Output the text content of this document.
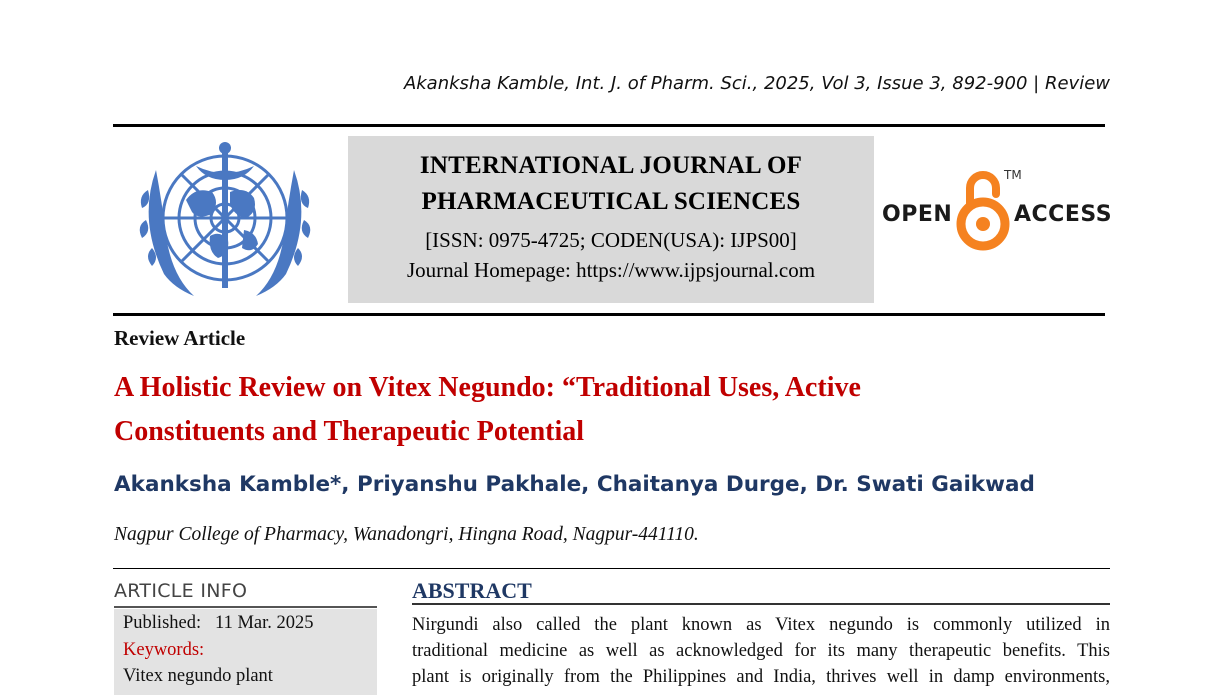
Akanksha Kamble, Int. J. of Pharm. Sci., 2025, Vol 3, Issue 3, 892-900 | Review
INTERNATIONAL JOURNAL OF
PHARMACEUTICAL SCIENCES
[ISSN: 0975-4725; CODEN(USA): IJPS00]
Journal Homepage: https://www.ijpsjournal.com
OPEN
TM
ACCESS
Review Article
A Holistic Review on Vitex Negundo: “Traditional Uses, Active
Constituents and Therapeutic Potential
Akanksha Kamble*, Priyanshu Pakhale, Chaitanya Durge, Dr. Swati Gaikwad
Nagpur College of Pharmacy, Wanadongri, Hingna Road, Nagpur-441110.
ARTICLE INFO
Published: 11 Mar. 2025
Keywords:
Vitex negundo plant
ABSTRACT
Nirgundi also called the plant known as Vitex negundo is commonly utilized in
traditional medicine as well as acknowledged for its many therapeutic benefits. This
plant is originally from the Philippines and India, thrives well in damp environments,
